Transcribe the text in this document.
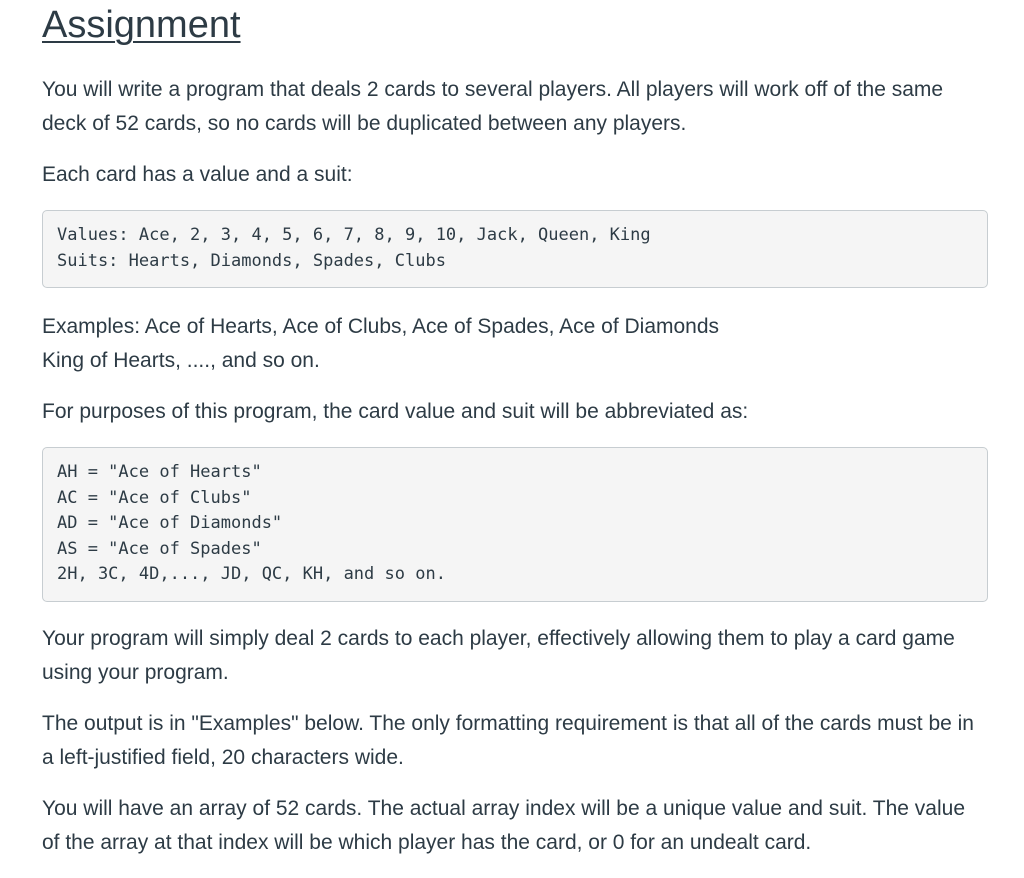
Assignment

You will write a program that deals 2 cards to several players. All players will work off of the same deck of 52 cards, so no cards will be duplicated between any players.

Each card has a value and a suit:

Values: Ace, 2, 3, 4, 5, 6, 7, 8, 9, 10, Jack, Queen, King
Suits: Hearts, Diamonds, Spades, Clubs

Examples: Ace of Hearts, Ace of Clubs, Ace of Spades, Ace of Diamonds
King of Hearts, ...., and so on.

For purposes of this program, the card value and suit will be abbreviated as:

AH = "Ace of Hearts"
AC = "Ace of Clubs"
AD = "Ace of Diamonds"
AS = "Ace of Spades"
2H, 3C, 4D,..., JD, QC, KH, and so on.

Your program will simply deal 2 cards to each player, effectively allowing them to play a card game using your program.

The output is in "Examples" below. The only formatting requirement is that all of the cards must be in a left-justified field, 20 characters wide.

You will have an array of 52 cards. The actual array index will be a unique value and suit. The value of the array at that index will be which player has the card, or 0 for an undealt card.
